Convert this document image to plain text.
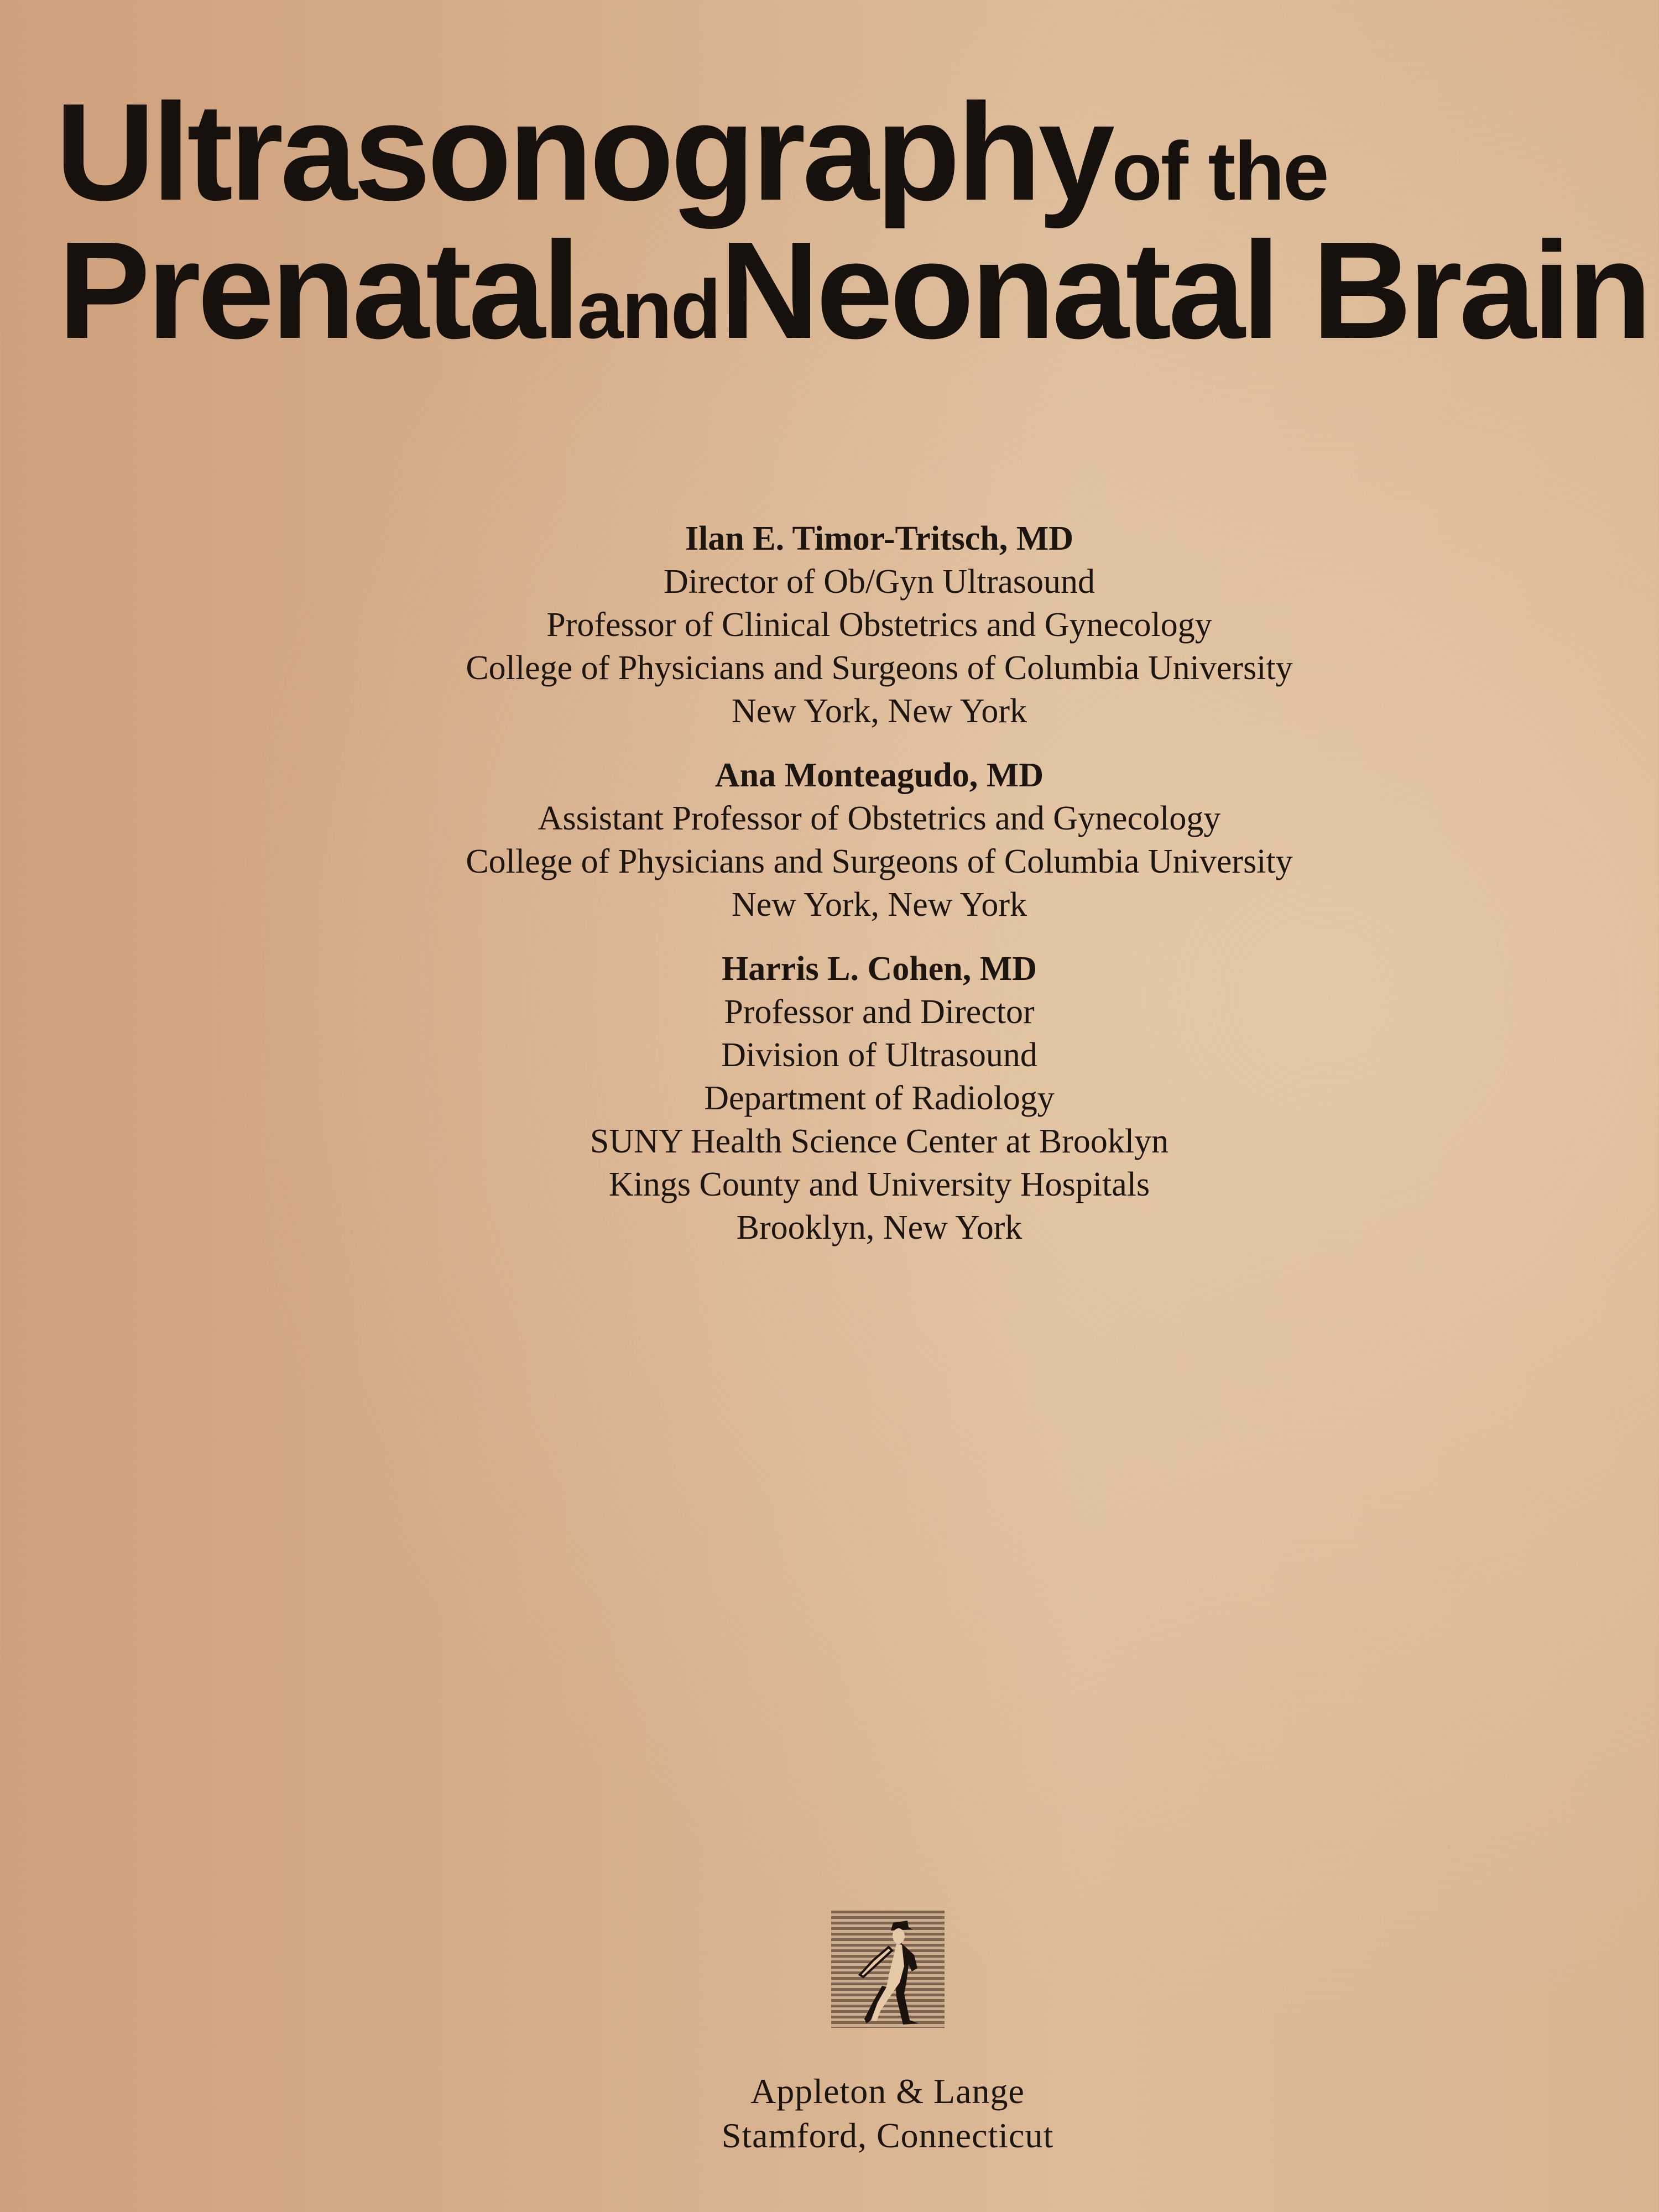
Ultrasonography of the
Prenatal and Neonatal Brain
Ilan E. Timor-Tritsch, MD
Director of Ob/Gyn Ultrasound
Professor of Clinical Obstetrics and Gynecology
College of Physicians and Surgeons of Columbia University
New York, New York
Ana Monteagudo, MD
Assistant Professor of Obstetrics and Gynecology
College of Physicians and Surgeons of Columbia University
New York, New York
Harris L. Cohen, MD
Professor and Director
Division of Ultrasound
Department of Radiology
SUNY Health Science Center at Brooklyn
Kings County and University Hospitals
Brooklyn, New York
Appleton & Lange
Stamford, Connecticut
